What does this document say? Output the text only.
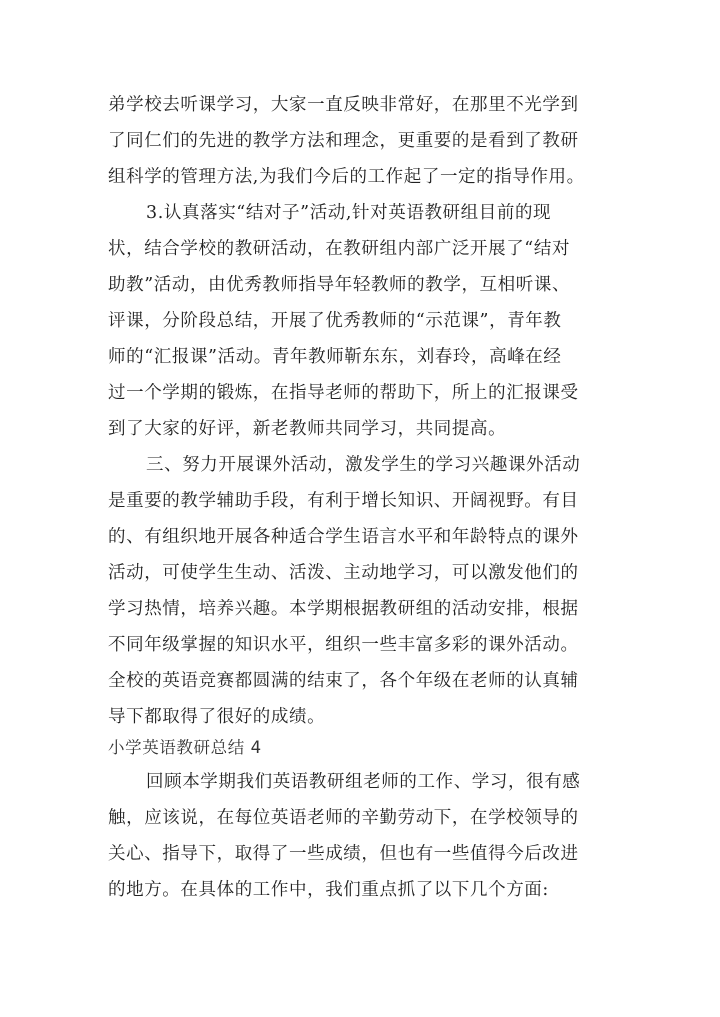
弟学校去听课学习，大家一直反映非常好，在那里不光学到
了同仁们的先进的教学方法和理念，更重要的是看到了教研
组科学的管理方法,为我们今后的工作起了一定的指导作用。
3.认真落实“结对子”活动,针对英语教研组目前的现
状，结合学校的教研活动，在教研组内部广泛开展了“结对
助教”活动，由优秀教师指导年轻教师的教学，互相听课、
评课，分阶段总结，开展了优秀教师的“示范课”，青年教
师的“汇报课”活动。青年教师靳东东，刘春玲，高峰在经
过一个学期的锻炼，在指导老师的帮助下，所上的汇报课受
到了大家的好评，新老教师共同学习，共同提高。
三、努力开展课外活动，激发学生的学习兴趣课外活动
是重要的教学辅助手段，有利于增长知识、开阔视野。有目
的、有组织地开展各种适合学生语言水平和年龄特点的课外
活动，可使学生生动、活泼、主动地学习，可以激发他们的
学习热情，培养兴趣。本学期根据教研组的活动安排，根据
不同年级掌握的知识水平，组织一些丰富多彩的课外活动。
全校的英语竞赛都圆满的结束了，各个年级在老师的认真辅
导下都取得了很好的成绩。
小学英语教研总结 4
回顾本学期我们英语教研组老师的工作、学习，很有感
触，应该说，在每位英语老师的辛勤劳动下，在学校领导的
关心、指导下，取得了一些成绩，但也有一些值得今后改进
的地方。在具体的工作中，我们重点抓了以下几个方面:
